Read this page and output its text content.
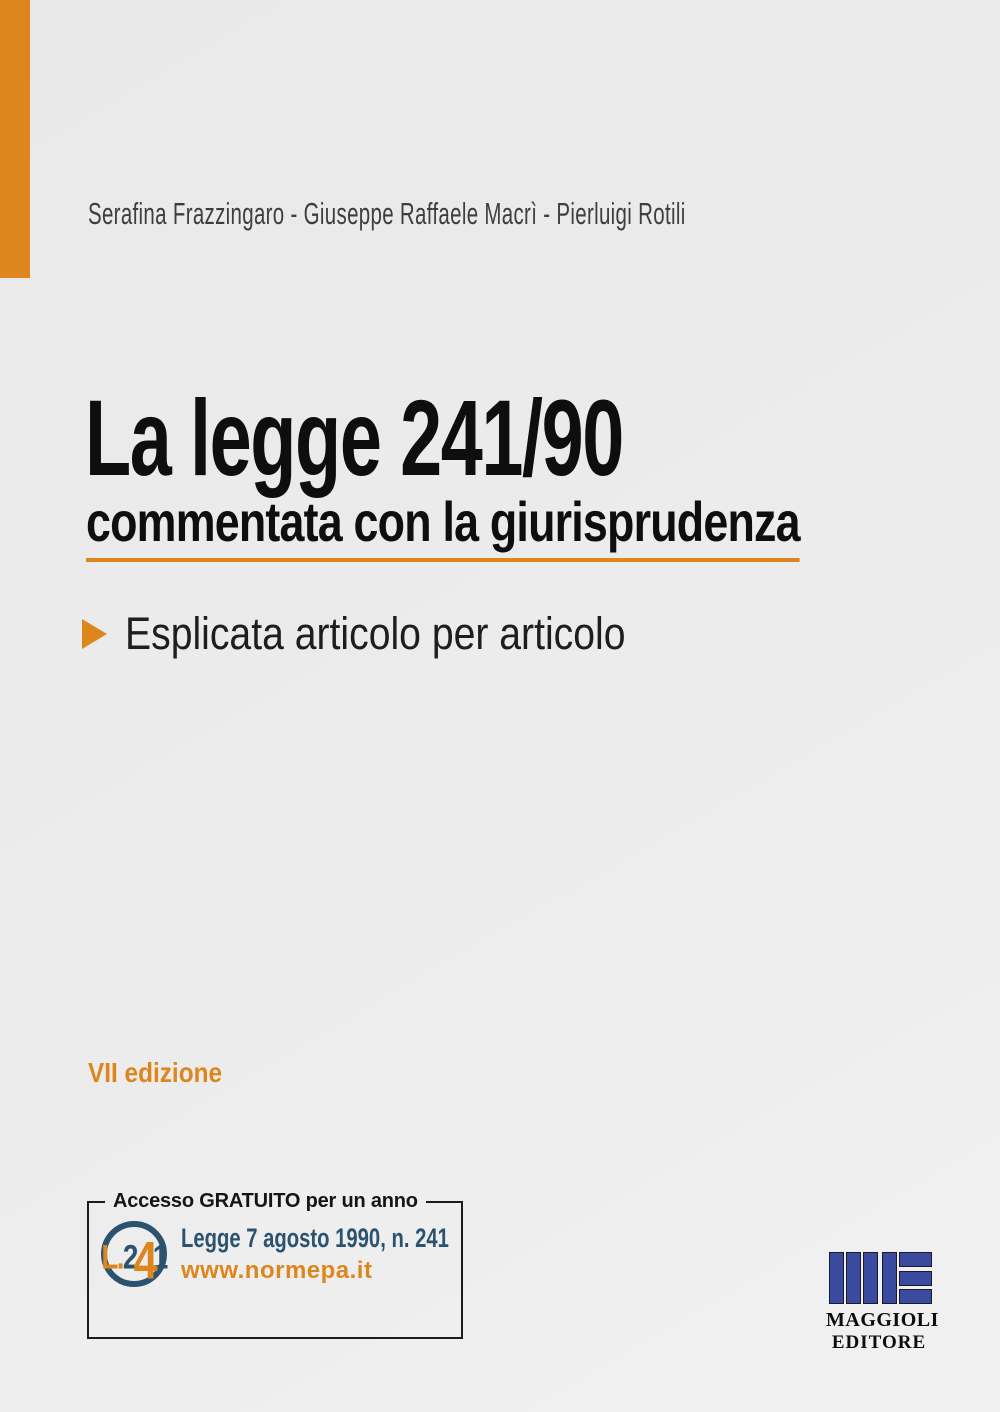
Serafina Frazzingaro - Giuseppe Raffaele Macrì - Pierluigi Rotili
La legge 241/90
commentata con la giurisprudenza
Esplicata articolo per articolo
VII edizione
Accesso GRATUITO per un anno
L. 2
4
1
Legge 7 agosto 1990, n. 241
www.normepa.it
MAGGIOLI
EDITORE
